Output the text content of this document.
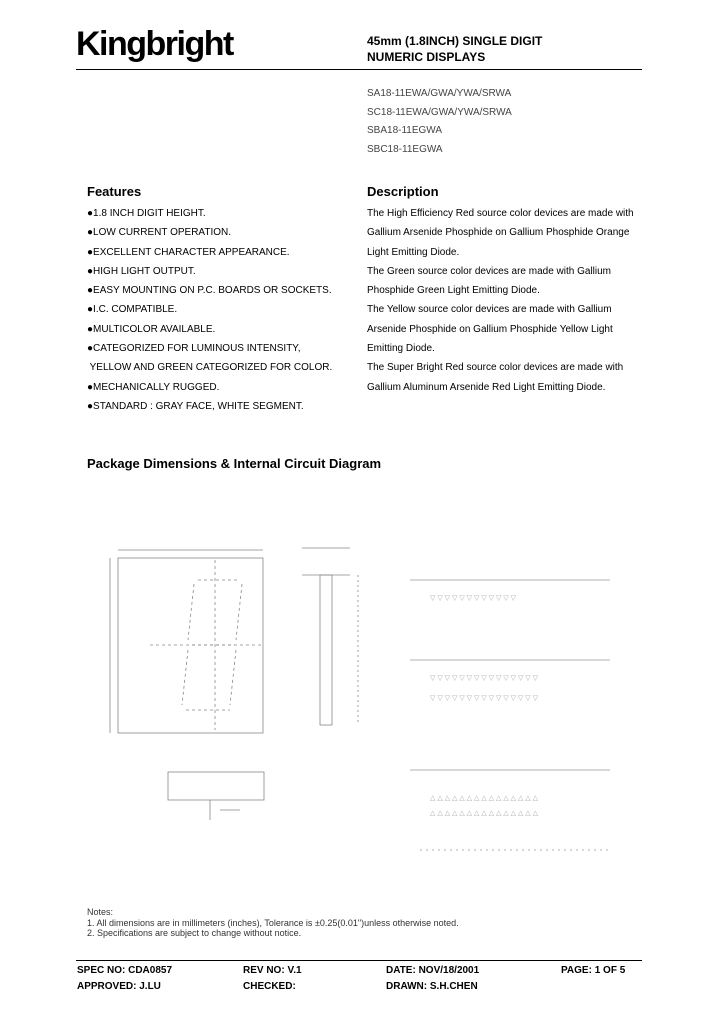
Kingbright	45mm (1.8INCH) SINGLE DIGIT
NUMERIC DISPLAYS
SA18-11EWA/GWA/YWA/SRWA
SC18-11EWA/GWA/YWA/SRWA
SBA18-11EGWA
SBC18-11EGWA
Features
●1.8 INCH DIGIT HEIGHT.
●LOW CURRENT OPERATION.
●EXCELLENT CHARACTER APPEARANCE.
●HIGH LIGHT OUTPUT.
●EASY MOUNTING ON P.C. BOARDS OR SOCKETS.
●I.C. COMPATIBLE.
●MULTICOLOR AVAILABLE.
●CATEGORIZED FOR LUMINOUS INTENSITY,
YELLOW AND GREEN CATEGORIZED FOR COLOR.
●MECHANICALLY RUGGED.
●STANDARD : GRAY FACE, WHITE SEGMENT.
Description
The High Efficiency Red source color devices are made with
Gallium Arsenide Phosphide on Gallium Phosphide Orange
Light Emitting Diode.
The Green source color devices are made with Gallium
Phosphide Green Light Emitting Diode.
The Yellow source color devices are made with Gallium
Arsenide Phosphide on Gallium Phosphide Yellow Light
Emitting Diode.
The Super Bright Red source color devices are made with
Gallium Aluminum Arsenide Red Light Emitting Diode.
Package Dimensions & Internal Circuit Diagram
▽ ▽ ▽ ▽ ▽ ▽ ▽ ▽ ▽ ▽ ▽ ▽
▽ ▽ ▽ ▽ ▽ ▽ ▽ ▽ ▽ ▽ ▽ ▽ ▽ ▽ ▽
▽ ▽ ▽ ▽ ▽ ▽ ▽ ▽ ▽ ▽ ▽ ▽ ▽ ▽ ▽
△ △ △ △ △ △ △ △ △ △ △ △ △ △ △
△ △ △ △ △ △ △ △ △ △ △ △ △ △ △
Notes:
1. All dimensions are in millimeters (inches), Tolerance is ±0.25(0.01")unless otherwise noted.
2. Specifications are subject to change without notice.
SPEC NO: CDA0857	REV NO: V.1	DATE: NOV/18/2001	PAGE: 1 OF 5
APPROVED: J.LU	CHECKED:	DRAWN: S.H.CHEN
